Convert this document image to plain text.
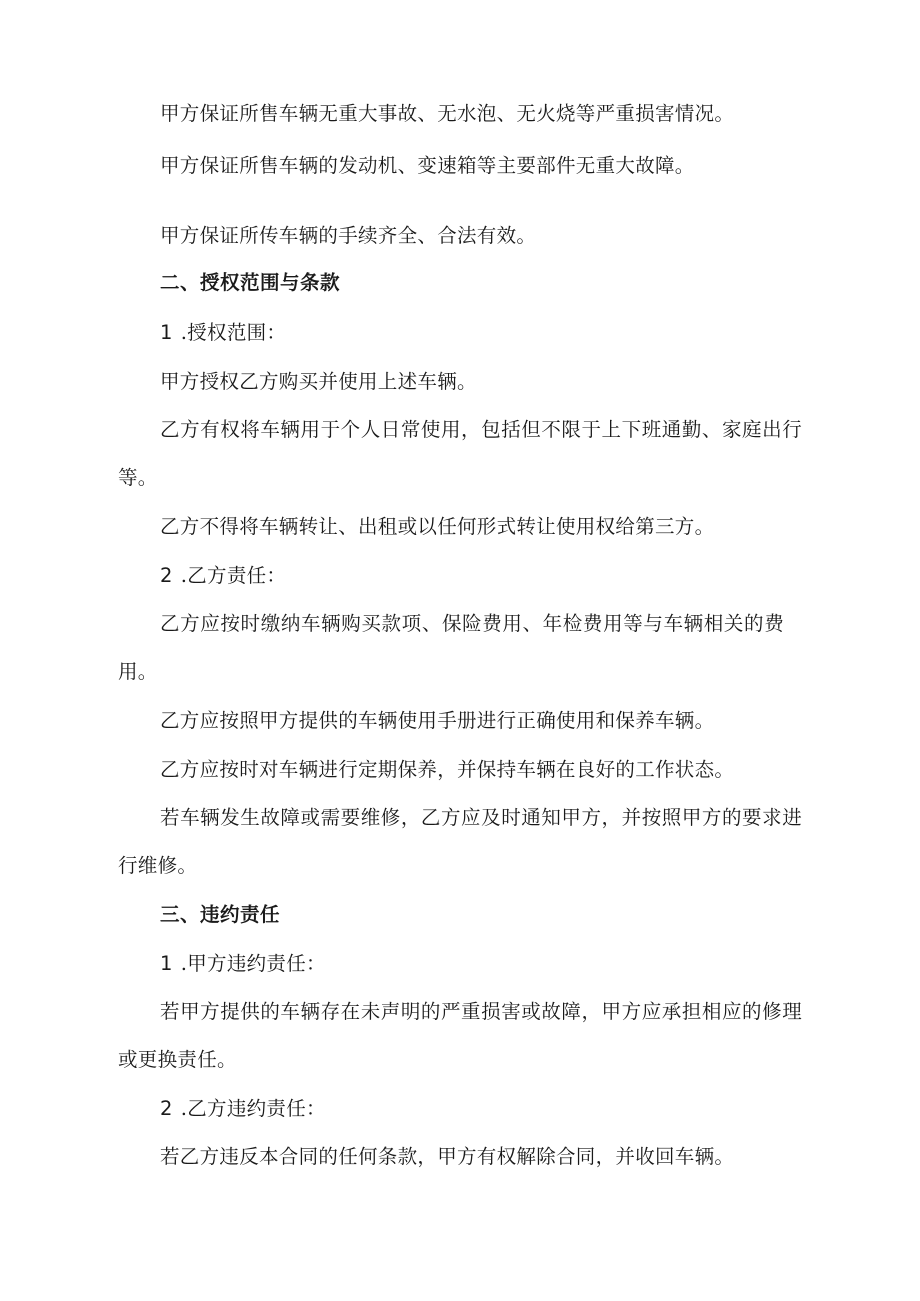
甲方保证所售车辆无重大事故、无水泡、无火烧等严重损害情况。
甲方保证所售车辆的发动机、变速箱等主要部件无重大故障。
甲方保证所传车辆的手续齐全、合法有效。
二、授权范围与条款
1 .授权范围：
甲方授权乙方购买并使用上述车辆。
乙方有权将车辆用于个人日常使用，包括但不限于上下班通勤、家庭出行
等。
乙方不得将车辆转让、出租或以任何形式转让使用权给第三方。
2 .乙方责任：
乙方应按时缴纳车辆购买款项、保险费用、年检费用等与车辆相关的费
用。
乙方应按照甲方提供的车辆使用手册进行正确使用和保养车辆。
乙方应按时对车辆进行定期保养，并保持车辆在良好的工作状态。
若车辆发生故障或需要维修，乙方应及时通知甲方，并按照甲方的要求进
行维修。
三、违约责任
1 .甲方违约责任：
若甲方提供的车辆存在未声明的严重损害或故障，甲方应承担相应的修理
或更换责任。
2 .乙方违约责任：
若乙方违反本合同的任何条款，甲方有权解除合同，并收回车辆。
